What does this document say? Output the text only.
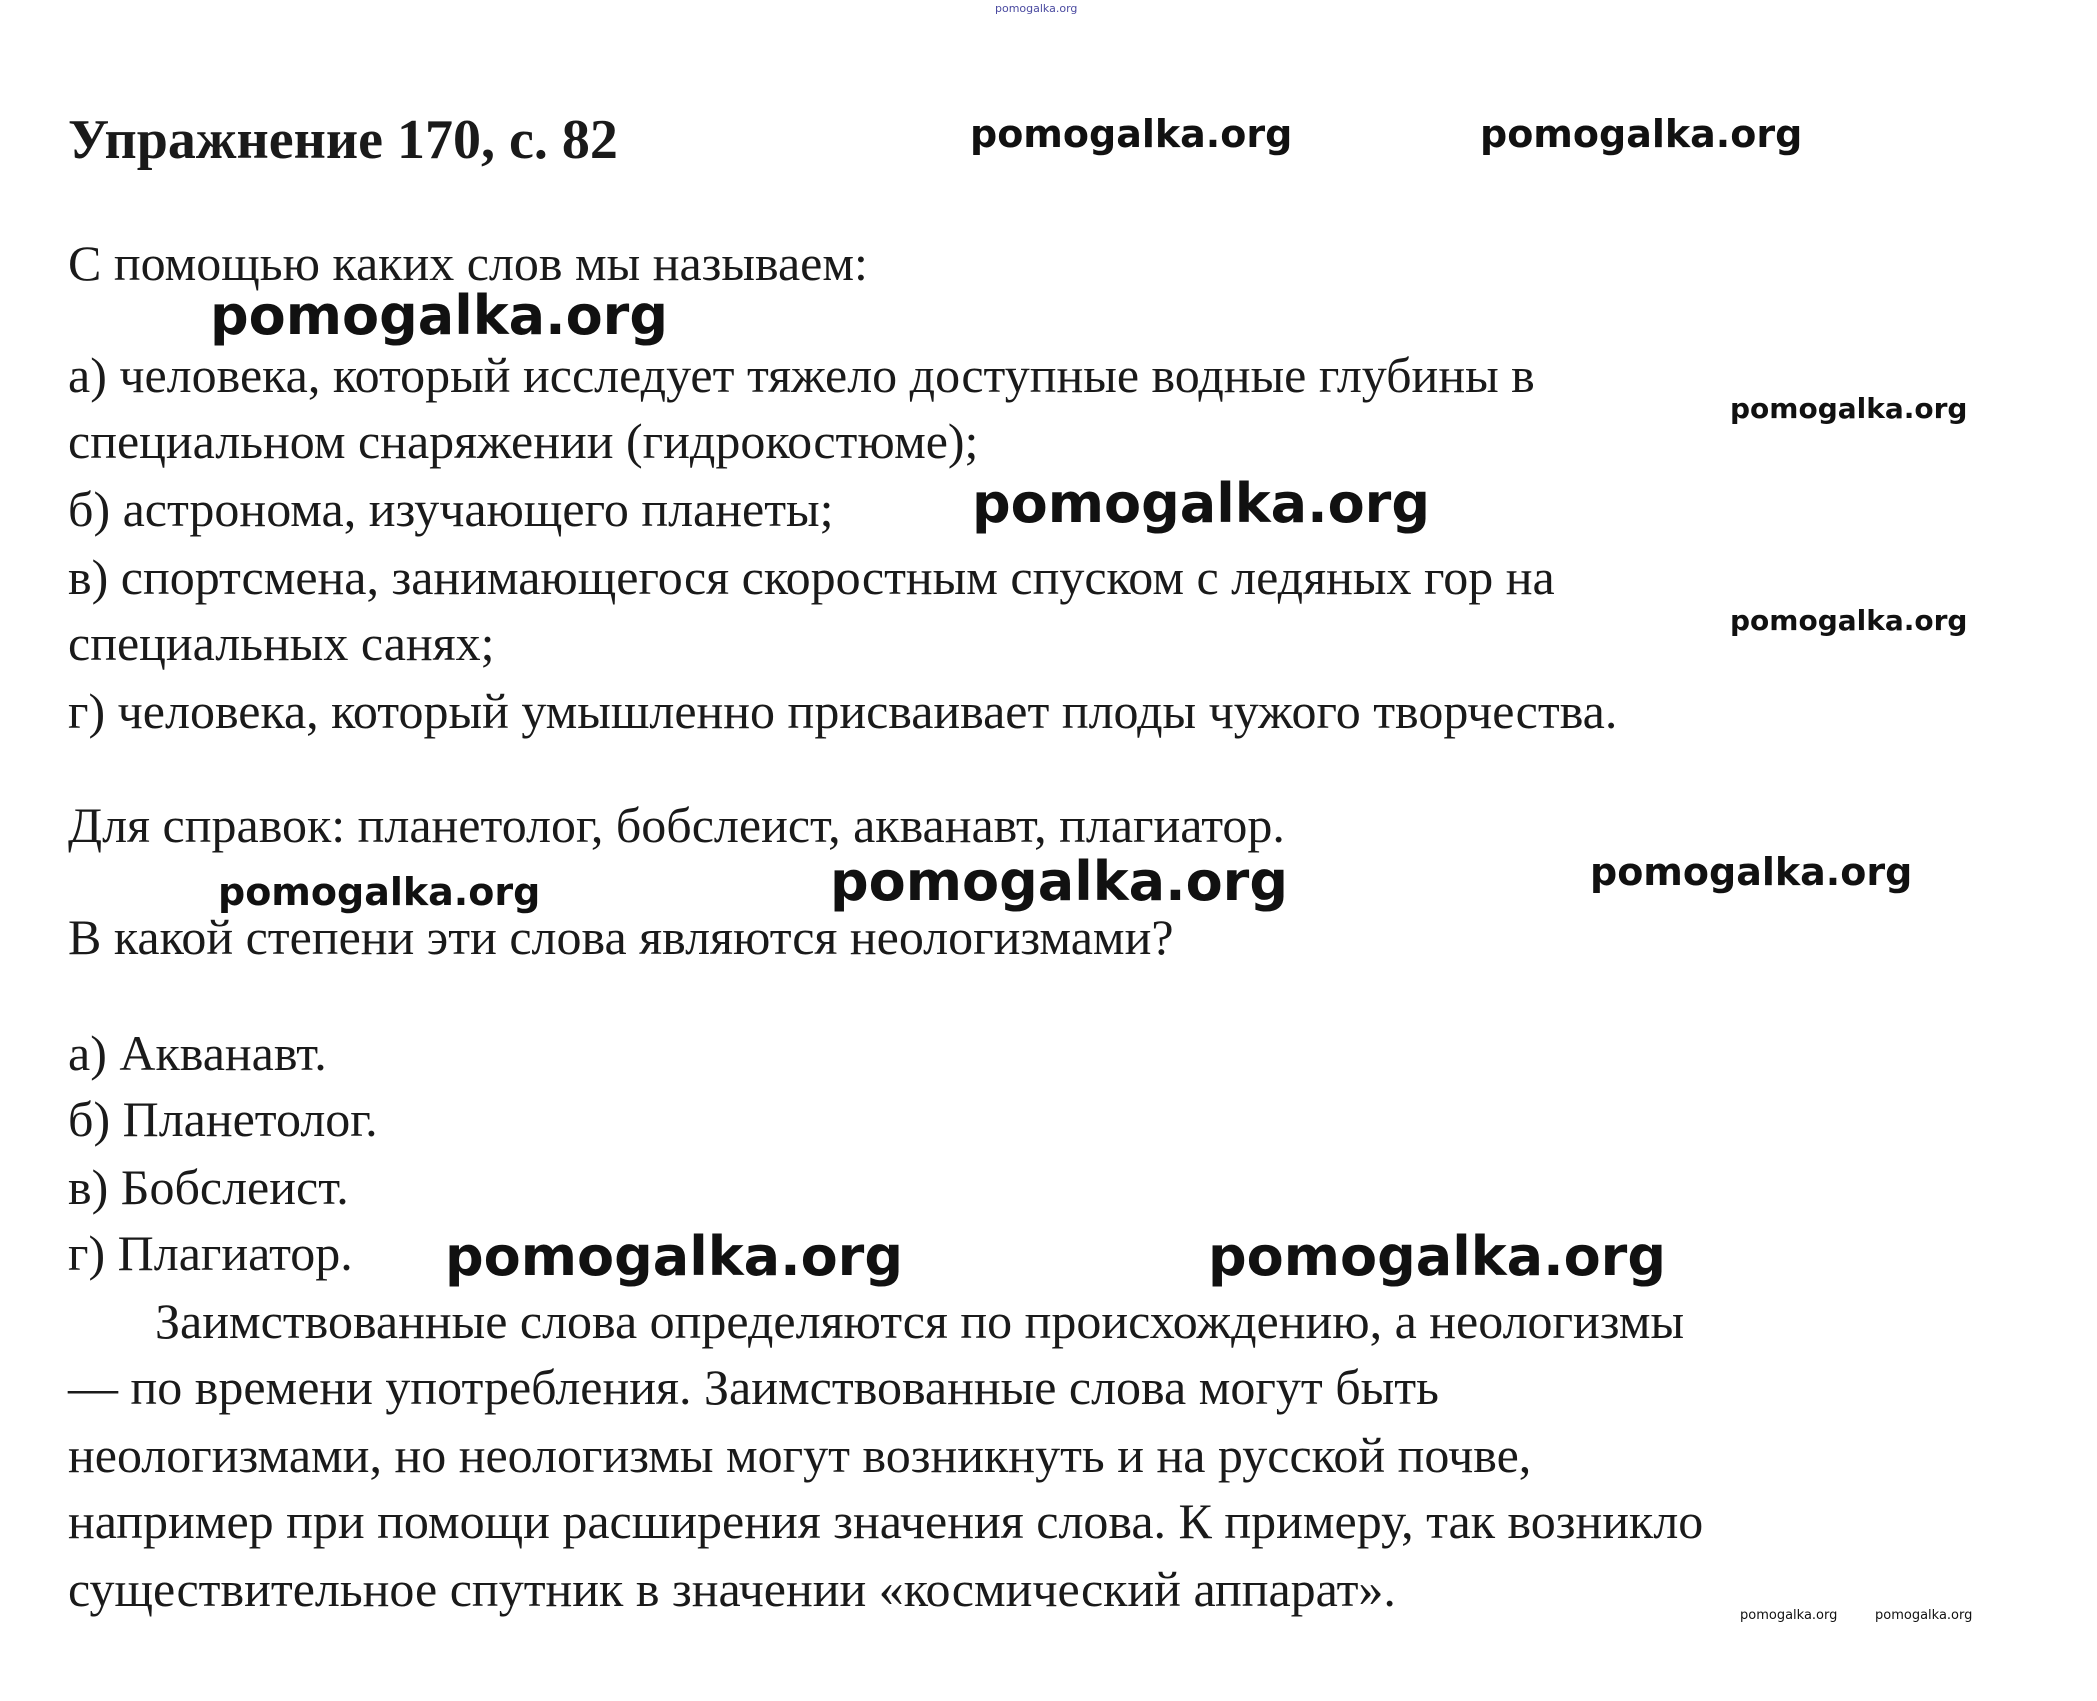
pomogalka.org
Упражнение 170, с. 82	pomogalka.org	pomogalka.org
С помощью каких слов мы называем:
pomogalka.org
а) человека, который исследует тяжело доступные водные глубины в
pomogalka.org
специальном снаряжении (гидрокостюме);
б) астронома, изучающего планеты;	pomogalka.org
в) спортсмена, занимающегося скоростным спуском с ледяных гор на
pomogalka.org
специальных санях;
г) человека, который умышленно присваивает плоды чужого творчества.
Для справок: планетолог, бобслеист, акванавт, плагиатор.
pomogalka.org	pomogalka.org	pomogalka.org
В какой степени эти слова являются неологизмами?
а) Акванавт.
б) Планетолог.
в) Бобслеист.
г) Плагиатор. pomogalka.org	pomogalka.org
Заимствованные слова определяются по происхождению, а неологизмы
— по времени употребления. Заимствованные слова могут быть
неологизмами, но неологизмы могут возникнуть и на русской почве,
например при помощи расширения значения слова. К примеру, так возникло
существительное спутник в значении «космический аппарат».	pomogalka.org	pomogalka.org
